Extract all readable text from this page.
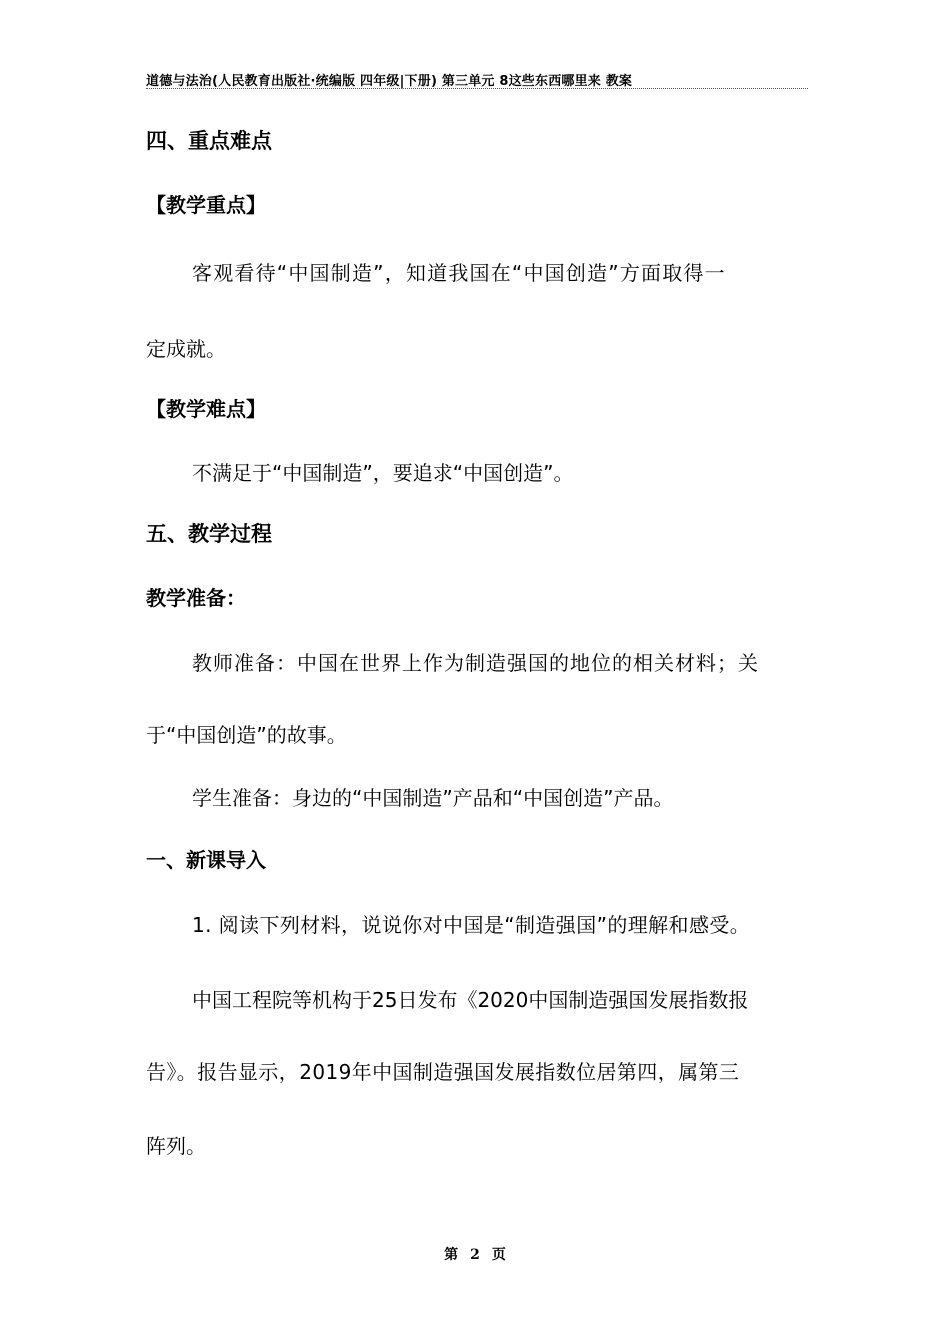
道德与法治(人民教育出版社·统编版 四年级|下册) 第三单元 8这些东西哪里来 教案
四、重点难点
【教学重点】
客观看待“中国制造”，知道我国在“中国创造”方面取得一
定成就。
【教学难点】
不满足于“中国制造”，要追求“中国创造”。
五、教学过程
教学准备：
教师准备：中国在世界上作为制造强国的地位的相关材料；关
于“中国创造”的故事。
学生准备：身边的“中国制造”产品和“中国创造”产品。
一、新课导入
1. 阅读下列材料，说说你对中国是“制造强国”的理解和感受。
中国工程院等机构于25日发布《2020中国制造强国发展指数报
告》。报告显示，2019年中国制造强国发展指数位居第四，属第三
阵列。
第 2 页
